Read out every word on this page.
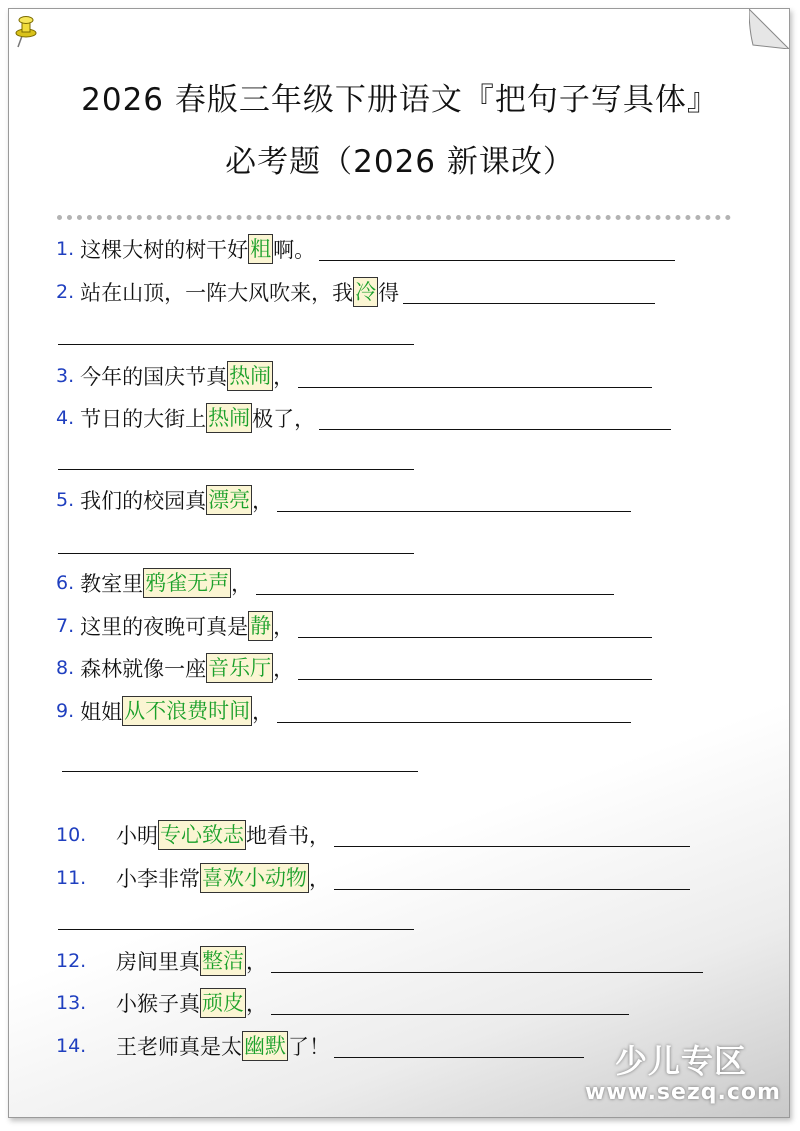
2026 春版三年级下册语文『把句子写具体』
必考题（2026 新课改）
1. 这棵大树的树干好 粗 啊。
2. 站在山顶，一阵大风吹来，我 冷 得
3. 今年的国庆节真 热闹 ，
4. 节日的大街上 热闹 极了，
5. 我们的校园真 漂亮 ，
6. 教室里 鸦雀无声 ，
7. 这里的夜晚可真是 静 ，
8. 森林就像一座 音乐厅 ，
9. 姐姐 从不浪费时间 ，
10.	小明 专心致志 地看书，
11.	小李非常 喜欢小动物 ，
12.	房间里真 整洁 ，
13.	小猴子真 顽皮 ，
14.	王老师真是太 幽默 了！	少儿专区
www.sezq.com
